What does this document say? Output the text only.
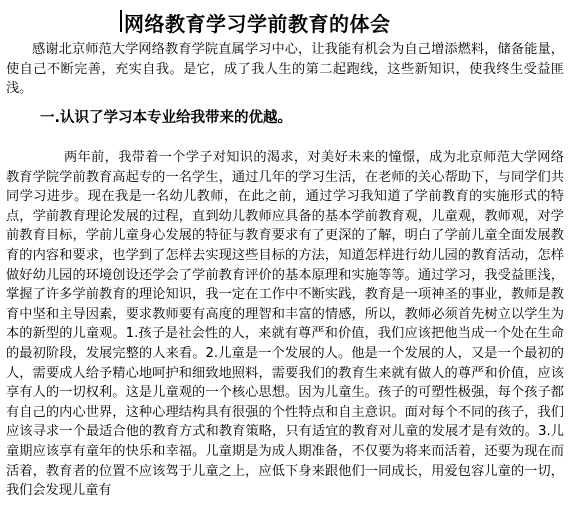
网络教育学习学前教育的体会

感谢北京师范大学网络教育学院直属学习中心，让我能有机会为自己增添燃料，储备能量，使自己不断完善，充实自我。是它，成了我人生的第二起跑线，这些新知识，使我终生受益匪浅。

一.认识了学习本专业给我带来的优越。

两年前，我带着一个学子对知识的渴求，对美好未来的憧憬，成为北京师范大学网络教育学院学前教育高起专的一名学生，通过几年的学习生活，在老师的关心帮助下，与同学们共同学习进步。现在我是一名幼儿教师，在此之前，通过学习我知道了学前教育的实施形式的特点，学前教育理论发展的过程，直到幼儿教师应具备的基本学前教育观，儿童观，教师观，对学前教育目标，学前儿童身心发展的特征与教育要求有了更深的了解，明白了学前儿童全面发展教育的内容和要求，也学到了怎样去实现这些目标的方法，知道怎样进行幼儿园的教育活动，怎样做好幼儿园的环境创设还学会了学前教育评价的基本原理和实施等等。通过学习，我受益匪浅，掌握了许多学前教育的理论知识，我一定在工作中不断实践，教育是一项神圣的事业，教师是教育中坚和主导因素，要求教师要有高度的理智和丰富的情感，所以，教师必须首先树立以学生为本的新型的儿童观。1.孩子是社会性的人，来就有尊严和价值，我们应该把他当成一个处在生命的最初阶段，发展完整的人来看。2.儿童是一个发展的人。他是一个发展的人，又是一个最初的人，需要成人给予精心地呵护和细致地照料，需要我们的教育生来就有做人的尊严和价值，应该享有人的一切权利。这是儿童观的一个核心思想。因为儿童生。孩子的可塑性极强，每个孩子都有自己的内心世界，这种心理结构具有很强的个性特点和自主意识。面对每个不同的孩子，我们应该寻求一个最适合他的教育方式和教育策略，只有适宜的教育对儿童的发展才是有效的。3.儿童期应该享有童年的快乐和幸福。儿童期是为成人期准备，不仅要为将来而活着，还要为现在而活着，教育者的位置不应该驾于儿童之上，应低下身来跟他们一同成长，用爱包容儿童的一切，我们会发现儿童有
